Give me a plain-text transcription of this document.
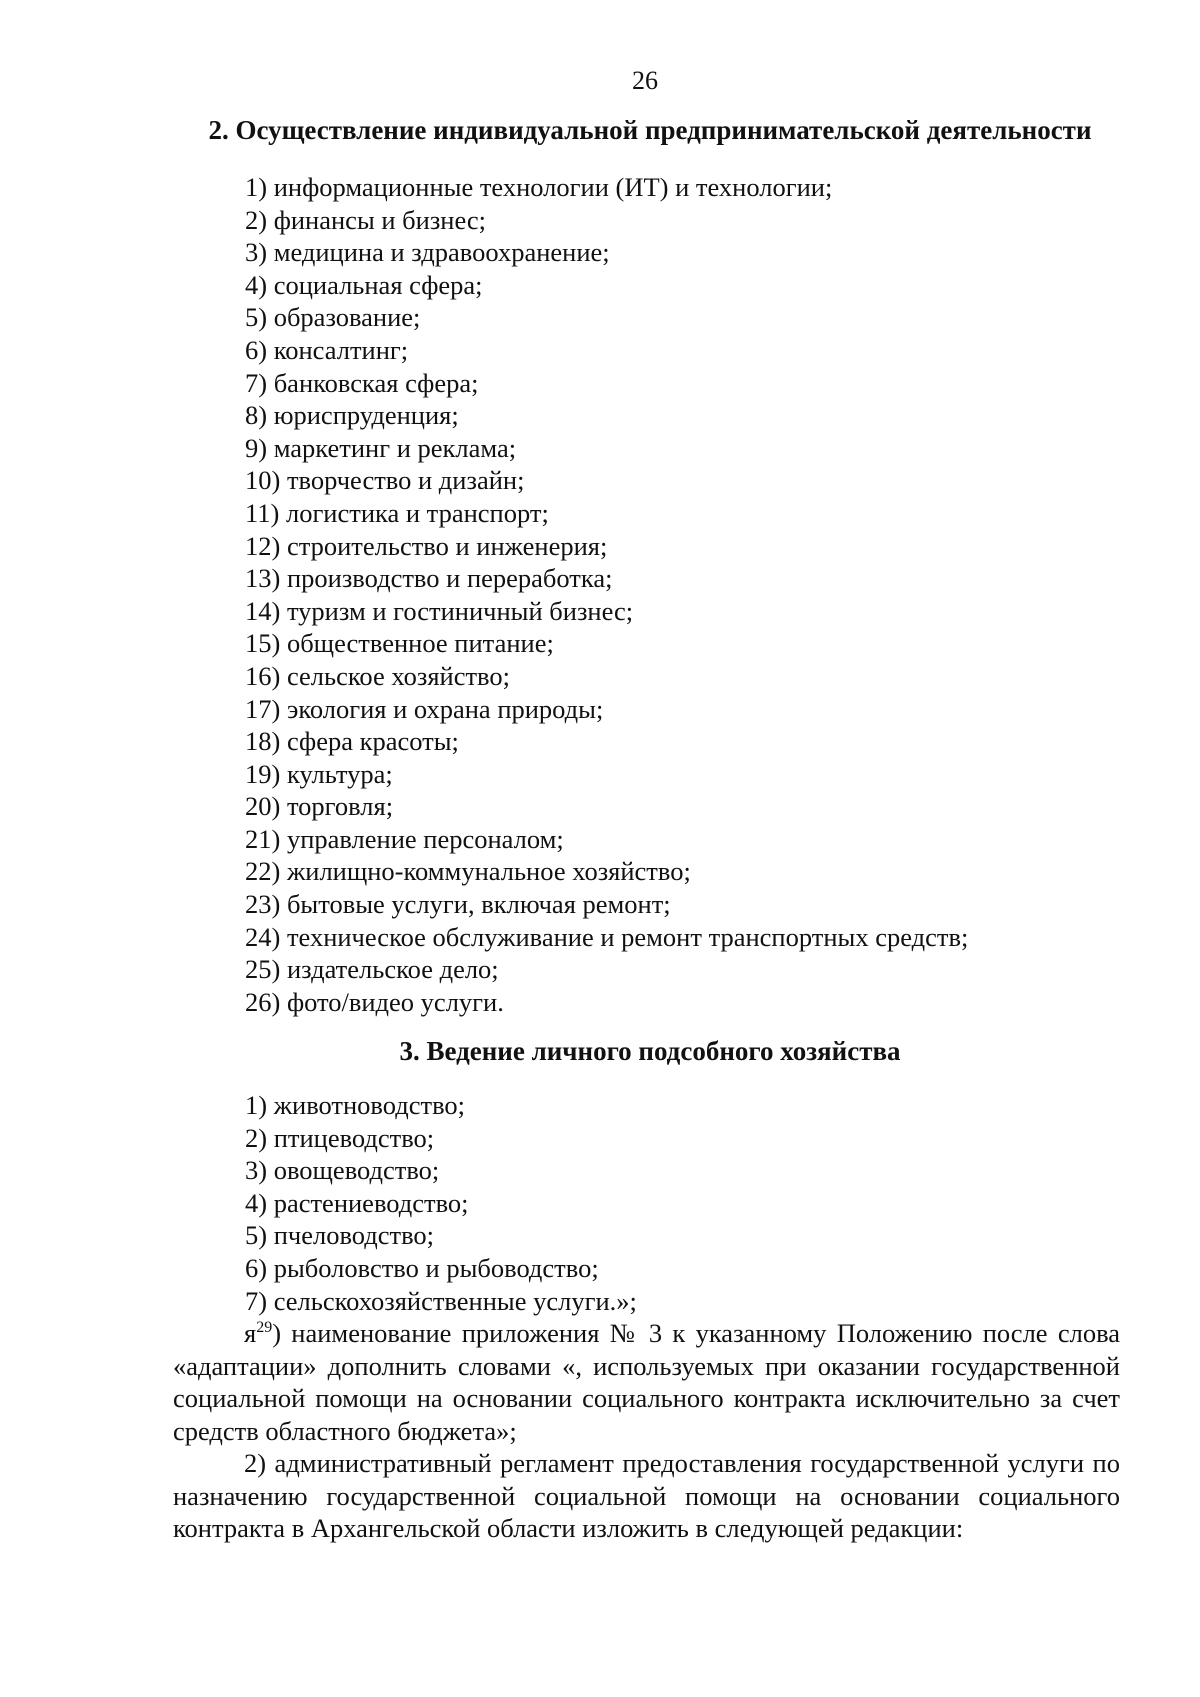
26
2. Осуществление индивидуальной предпринимательской деятельности
1) информационные технологии (ИТ) и технологии;
2) финансы и бизнес;
3) медицина и здравоохранение;
4) социальная сфера;
5) образование;
6) консалтинг;
7) банковская сфера;
8) юриспруденция;
9) маркетинг и реклама;
10) творчество и дизайн;
11) логистика и транспорт;
12) строительство и инженерия;
13) производство и переработка;
14) туризм и гостиничный бизнес;
15) общественное питание;
16) сельское хозяйство;
17) экология и охрана природы;
18) сфера красоты;
19) культура;
20) торговля;
21) управление персоналом;
22) жилищно-коммунальное хозяйство;
23) бытовые услуги, включая ремонт;
24) техническое обслуживание и ремонт транспортных средств;
25) издательское дело;
26) фото/видео услуги.
3. Ведение личного подсобного хозяйства
1) животноводство;
2) птицеводство;
3) овощеводство;
4) растениеводство;
5) пчеловодство;
6) рыболовство и рыбоводство;
7) сельскохозяйственные услуги.»;

$я^{29}$) наименование приложения № 3 к указанному Положению после слова «адаптации» дополнить словами «, используемых при оказании государственной социальной помощи на основании социального контракта исключительно за счет средств областного бюджета»;

2) административный регламент предоставления государственной услуги по назначению государственной социальной помощи на основании социального контракта в Архангельской области изложить в следующей редакции:
